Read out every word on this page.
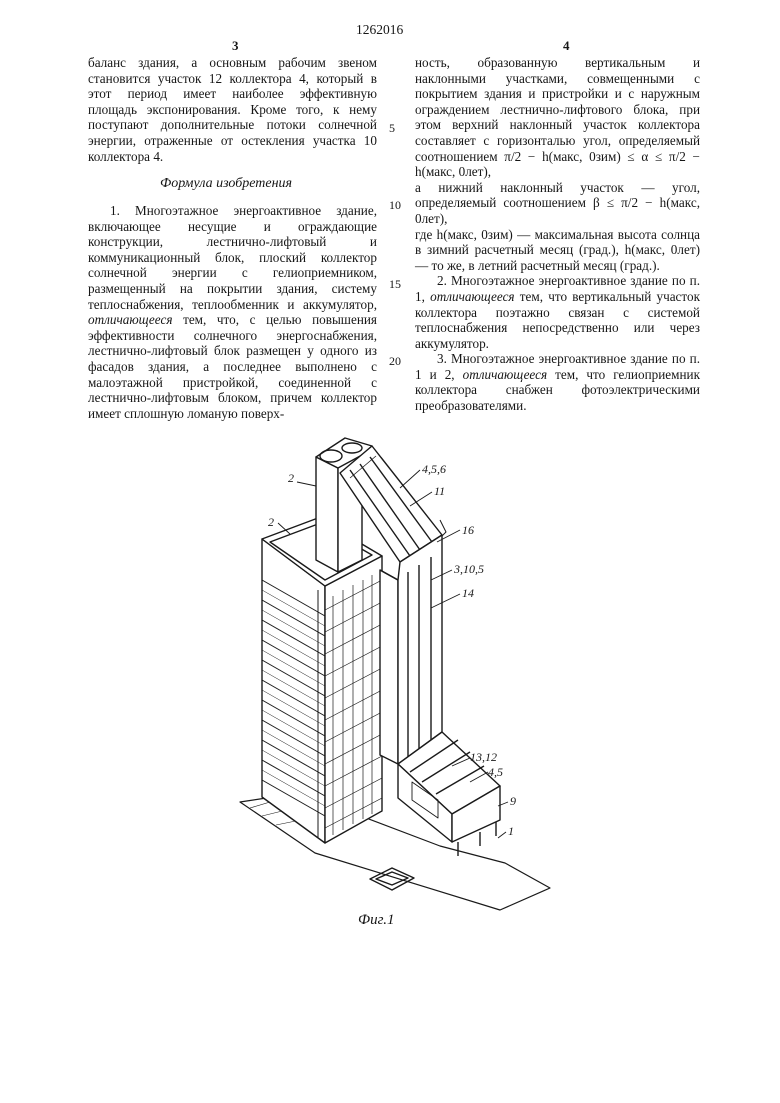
3
1262016
4

баланс здания, а основным рабочим звеном становится участок 12 коллектора 4, который в этот период имеет наиболее эффективную площадь экспонирования. Кроме того, к нему поступают дополнительные потоки солнечной энергии, отраженные от остекления участка 10 коллектора 4.

Формула изобретения

1. Многоэтажное энергоактивное здание, включающее несущие и ограждающие конструкции, лестнично-лифтовый и коммуникационный блок, плоский коллектор солнечной энергии с гелиоприемником, размещенный на покрытии здания, систему теплоснабжения, теплообменник и аккумулятор, отличающееся тем, что, с целью повышения эффективности солнечного энергоснабжения, лестнично-лифтовый блок размещен у одного из фасадов здания, а последнее выполнено с малоэтажной пристройкой, соединенной с лестнично-лифтовым блоком, причем коллектор имеет сплошную ломаную поверх-

ность, образованную вертикальным и наклонными участками, совмещенными с покрытием здания и пристройки и с наружным ограждением лестнично-лифтового блока, при этом верхний наклонный участок коллектора составляет с горизонталью угол, определяемый соотношением π/2 − h(макс, 0зим) ≤ α ≤ π/2 − h(макс, 0лет),

а нижний наклонный участок — угол, определяемый соотношением β ≤ π/2 − h(макс, 0лет),

где h(макс, 0зим) — максимальная высота солнца в зимний расчетный месяц (град.), h(макс, 0лет) — то же, в летний расчетный месяц (град.).

2. Многоэтажное энергоактивное здание по п. 1, отличающееся тем, что вертикальный участок коллектора поэтажно связан с системой теплоснабжения непосредственно или через аккумулятор.

3. Многоэтажное энергоактивное здание по п. 1 и 2, отличающееся тем, что гелиоприемник коллектора снабжен фотоэлектрическими преобразователями.

5
10
15
20
2
2
4,5,6
11
16
3,10,5
14
13,12
4,5
9
1
Фиг.1
